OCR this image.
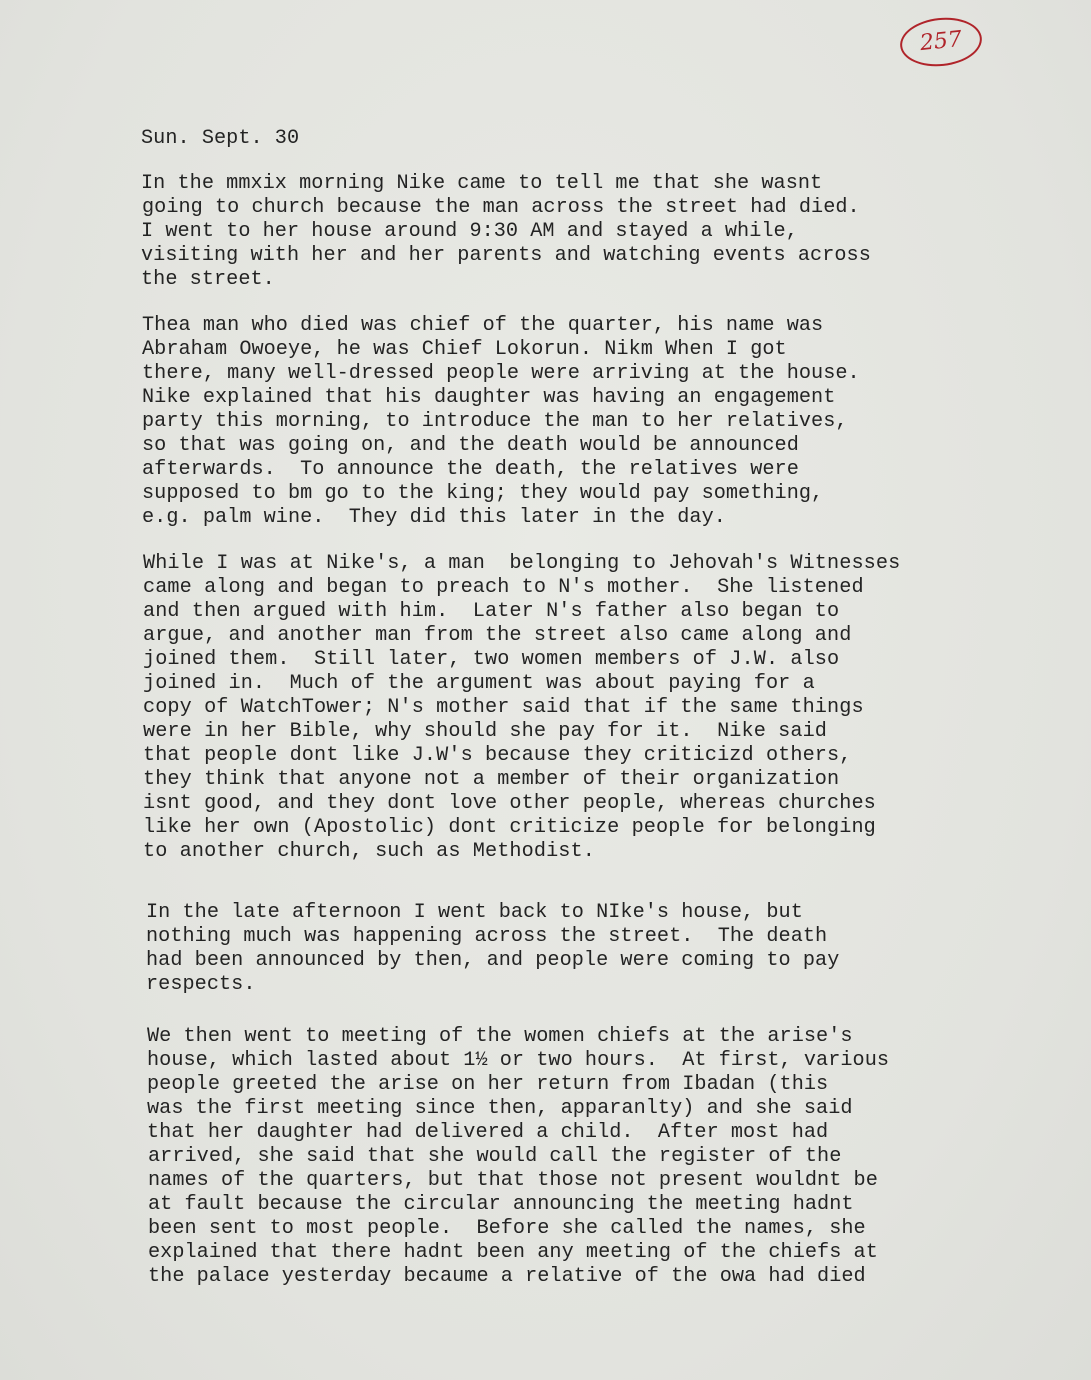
257

Sun. Sept. 30

In the mmxix morning Nike came to tell me that she wasnt
going to church because the man across the street had died.
I went to her house around 9:30 AM and stayed a while,
visiting with her and her parents and watching events across
the street.
Thea man who died was chief of the quarter, his name was
Abraham Owoeye, he was Chief Lokorun. Nikm When I got
there, many well-dressed people were arriving at the house.
Nike explained that his daughter was having an engagement
party this morning, to introduce the man to her relatives,
so that was going on, and the death would be announced
afterwards.  To announce the death, the relatives were
supposed to bm go to the king; they would pay something,
e.g. palm wine.  They did this later in the day.
While I was at Nike's, a man  belonging to Jehovah's Witnesses
came along and began to preach to N's mother.  She listened
and then argued with him.  Later N's father also began to
argue, and another man from the street also came along and
joined them.  Still later, two women members of J.W. also
joined in.  Much of the argument was about paying for a
copy of WatchTower; N's mother said that if the same things
were in her Bible, why should she pay for it.  Nike said
that people dont like J.W's because they criticizd others,
they think that anyone not a member of their organization
isnt good, and they dont love other people, whereas churches
like her own (Apostolic) dont criticize people for belonging
to another church, such as Methodist.
In the late afternoon I went back to NIke's house, but
nothing much was happening across the street.  The death
had been announced by then, and people were coming to pay
respects.
We then went to meeting of the women chiefs at the arise's
house, which lasted about 1½ or two hours.  At first, various
people greeted the arise on her return from Ibadan (this
was the first meeting since then, apparanlty) and she said
that her daughter had delivered a child.  After most had
arrived, she said that she would call the register of the
names of the quarters, but that those not present wouldnt be
at fault because the circular announcing the meeting hadnt
been sent to most people.  Before she called the names, she
explained that there hadnt been any meeting of the chiefs at
the palace yesterday becaume a relative of the owa had died
